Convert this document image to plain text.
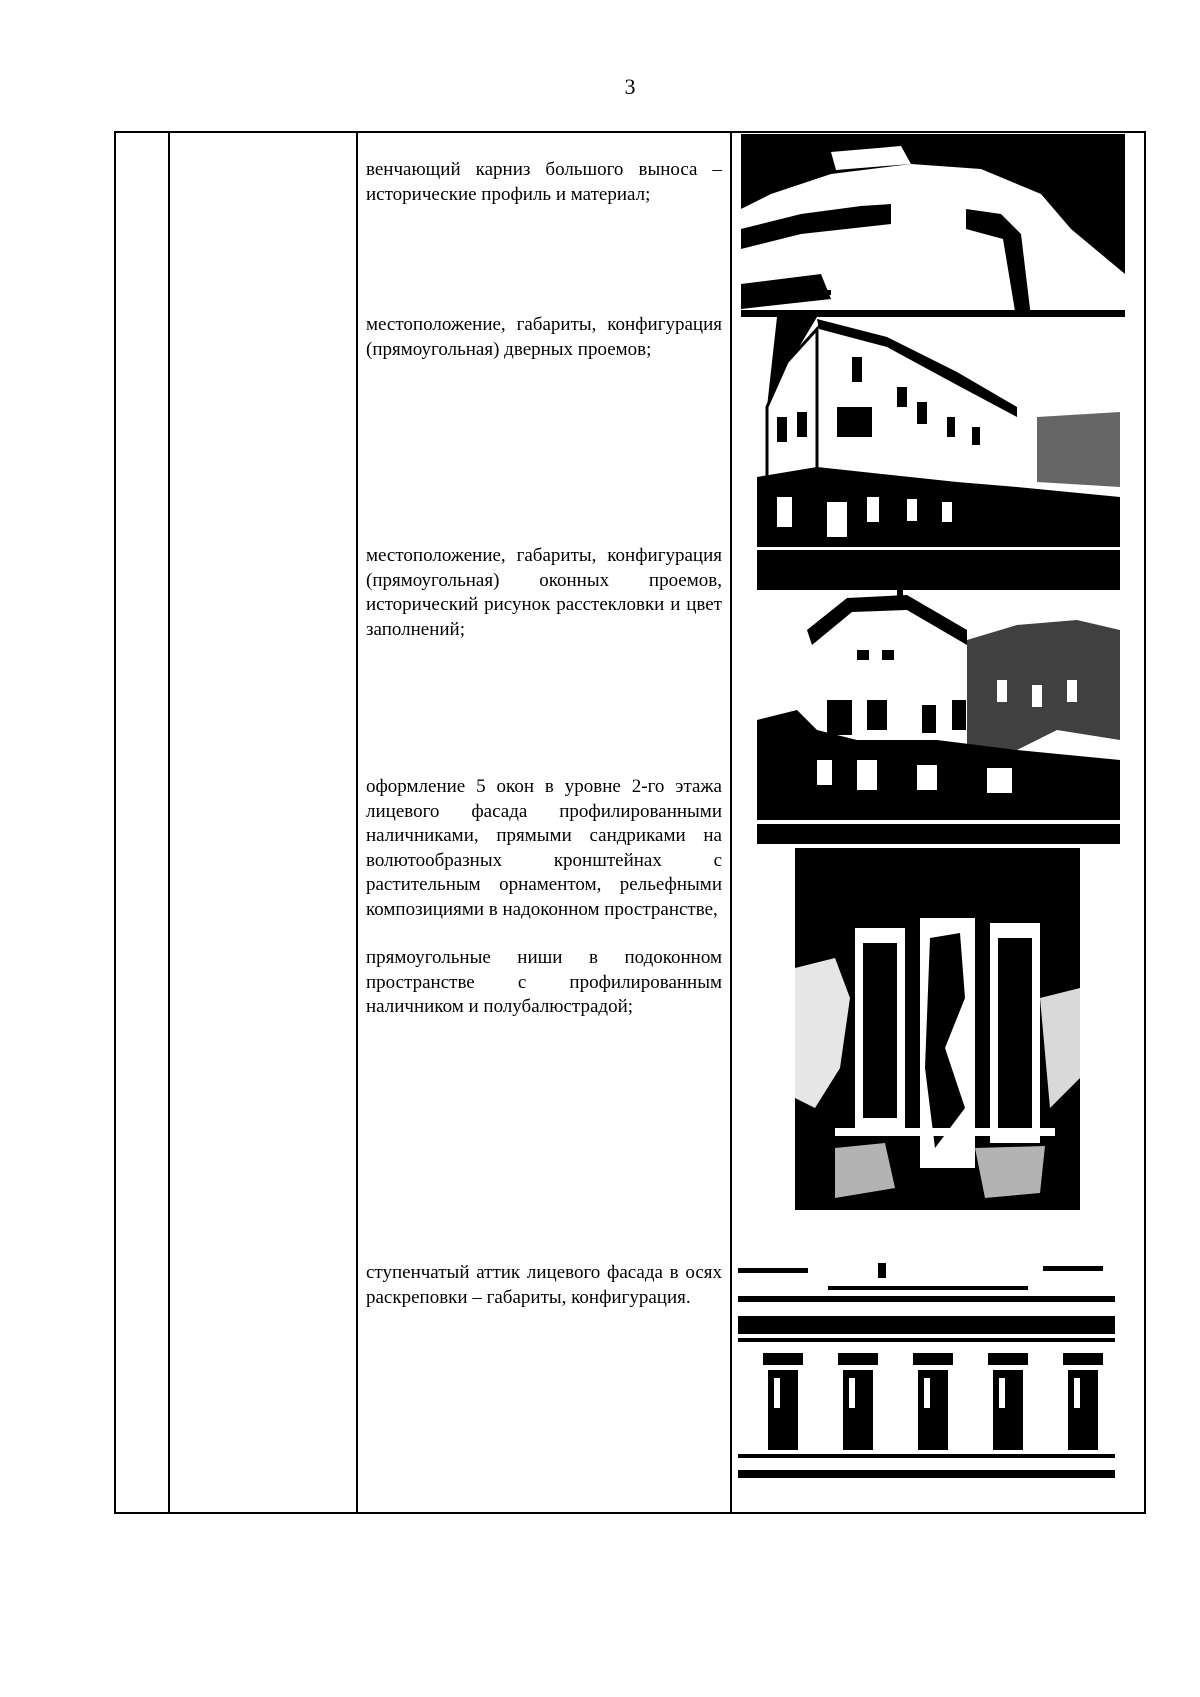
3

венчающий карниз большого выноса – исторические профиль и материал;

местоположение, габариты, конфигурация (прямоугольная) дверных проемов;

местоположение, габариты, конфигурация (прямоугольная) оконных проемов, исторический рисунок расстекловки и цвет заполнений;

оформление 5 окон в уровне 2-го этажа лицевого фасада профилированными наличниками, прямыми сандриками на волютообразных кронштейнах с растительным орнаментом, рельефными композициями в надоконном пространстве,

прямоугольные ниши в подоконном пространстве с профилированным наличником и полубалюстрадой;

ступенчатый аттик лицевого фасада в осях раскреповки – габариты, конфигурация.
